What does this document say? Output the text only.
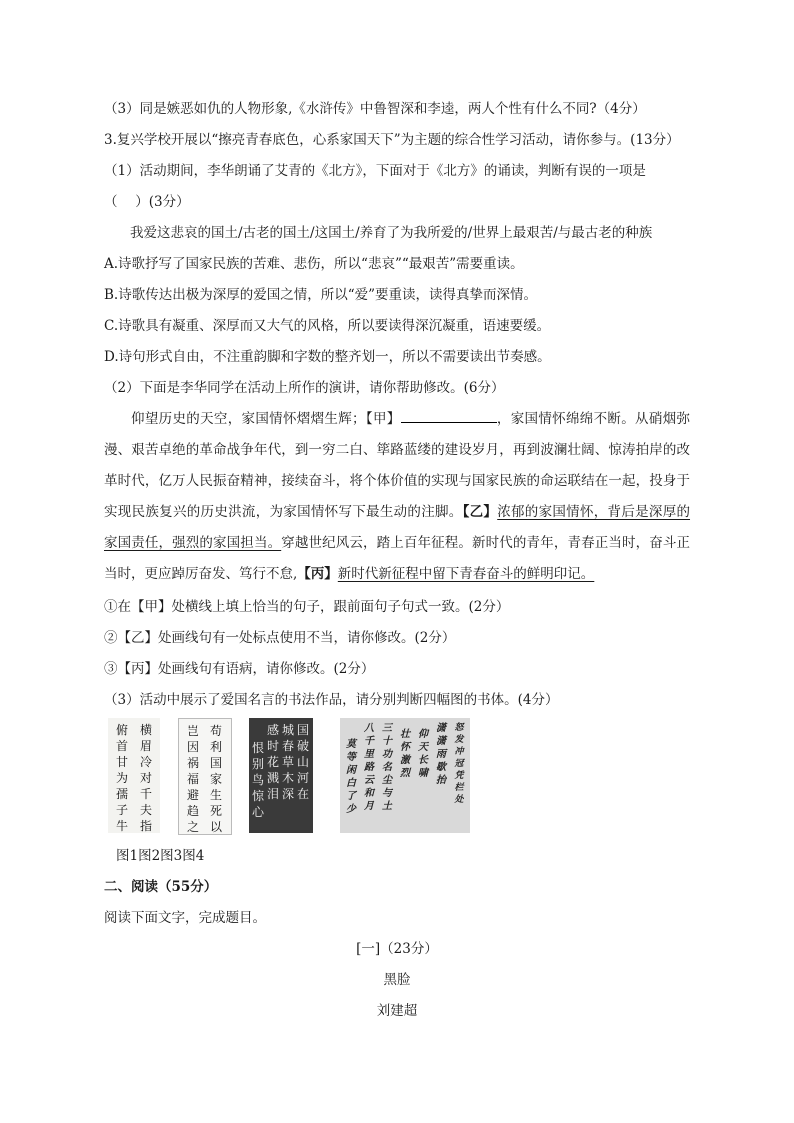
（3）同是嫉恶如仇的人物形象,《水浒传》中鲁智深和李逵，两人个性有什么不同?（4分）
3.复兴学校开展以“擦亮青春底色，心系家国天下”为主题的综合性学习活动，请你参与。(13分）
（1）活动期间，李华朗诵了艾青的《北方》，下面对于《北方》的诵读，判断有误的一项是
（　 ）(3分）
我爱这悲哀的国土/古老的国土/这国土/养育了为我所爱的/世界上最艰苦/与最古老的种族
A.诗歌抒写了国家民族的苦难、悲伤，所以“悲哀”“最艰苦”需要重读。
B.诗歌传达出极为深厚的爱国之情，所以“爱”要重读，读得真挚而深情。
C.诗歌具有凝重、深厚而又大气的风格，所以要读得深沉凝重，语速要缓。
D.诗句形式自由，不注重韵脚和字数的整齐划一，所以不需要读出节奏感。
（2）下面是李华同学在活动上所作的演讲，请你帮助修改。(6分）

仰望历史的天空，家国情怀熠熠生辉；【甲】	，家国情怀绵绵不断。从硝烟弥漫、艰苦卓绝的革命战争年代，到一穷二白、筚路蓝缕的建设岁月，再到波澜壮阔、惊涛拍岸的改革时代，亿万人民振奋精神，接续奋斗，将个体价值的实现与国家民族的命运联结在一起，投身于实现民族复兴的历史洪流，为家国情怀写下最生动的注脚。【乙】浓郁的家国情怀，背后是深厚的家国责任，强烈的家国担当。穿越世纪风云，踏上百年征程。新时代的青年，青春正当时，奋斗正当时，更应踔厉奋发、笃行不怠,【丙】新时代新征程中留下青春奋斗的鲜明印记。

①在【甲】处横线上填上恰当的句子，跟前面句子句式一致。(2分）
②【乙】处画线句有一处标点使用不当，请你修改。(2分）
③【丙】处画线句有语病，请你修改。(2分）
（3）活动中展示了爱国名言的书法作品，请分别判断四幅图的书体。(4分）
俯
首
甘
为
孺
子
牛
横
眉
冷
对
千
夫
指
岂
因
祸
福
避
趋
之
苟
利
国
家
生
死
以
恨
别
鸟
惊
心
感
时
花
溅
泪
城
春
草
木
深
国
破
山
河
在
莫
等
闲
白
了
少
八
千
里
路
云
和
月
三
十
功
名
尘
与
土
壮
怀
激
烈
仰
天
长
啸
潇
潇
雨
歇
抬
怒
发
冲
冠
凭
栏
处
图1图2图3图4
二、阅读（55分）
阅读下面文字，完成题目。
[一]（23分）
黑脸
刘建超
